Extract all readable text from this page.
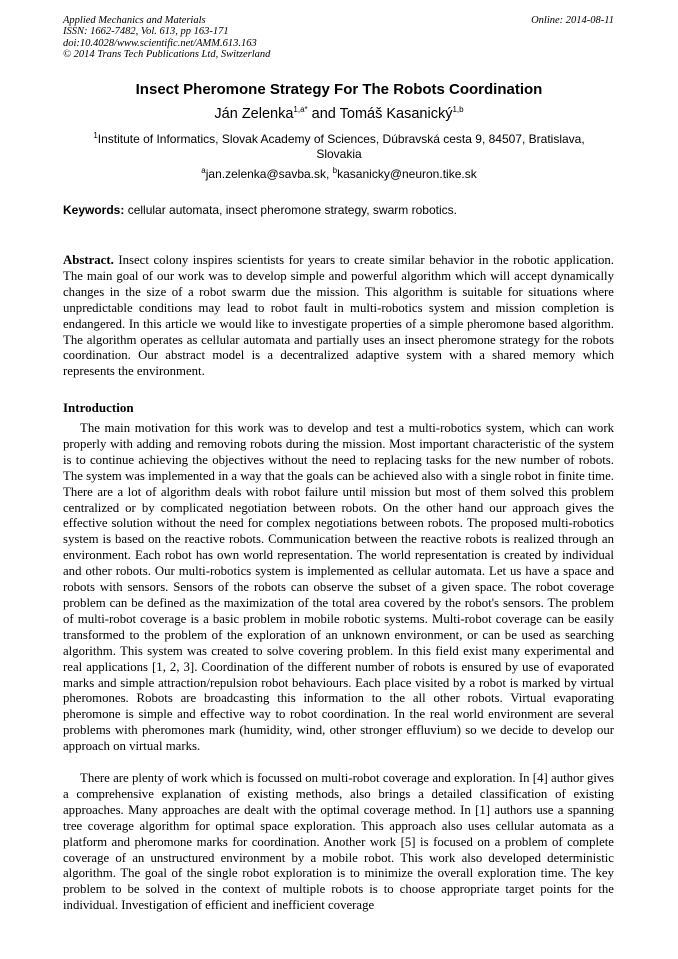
Applied Mechanics and Materials
ISSN: 1662-7482, Vol. 613, pp 163-171
doi:10.4028/www.scientific.net/AMM.613.163
© 2014 Trans Tech Publications Ltd, Switzerland
Online: 2014-08-11
Insect Pheromone Strategy For The Robots Coordination
Ján Zelenka$^{1,a*}$ and Tomáš Kasanický$^{1,b}$
$^1$Institute of Informatics, Slovak Academy of Sciences, Dúbravská cesta 9, 84507, Bratislava, Slovakia
$^a$jan.zelenka@savba.sk, $^b$kasanicky@neuron.tike.sk
Keywords: cellular automata, insect pheromone strategy, swarm robotics.
Abstract. Insect colony inspires scientists for years to create similar behavior in the robotic application. The main goal of our work was to develop simple and powerful algorithm which will accept dynamically changes in the size of a robot swarm due the mission. This algorithm is suitable for situations where unpredictable conditions may lead to robot fault in multi-robotics system and mission completion is endangered. In this article we would like to investigate properties of a simple pheromone based algorithm. The algorithm operates as cellular automata and partially uses an insect pheromone strategy for the robots coordination. Our abstract model is a decentralized adaptive system with a shared memory which represents the environment.
Introduction
The main motivation for this work was to develop and test a multi-robotics system, which can work properly with adding and removing robots during the mission. Most important characteristic of the system is to continue achieving the objectives without the need to replacing tasks for the new number of robots. The system was implemented in a way that the goals can be achieved also with a single robot in finite time. There are a lot of algorithm deals with robot failure until mission but most of them solved this problem centralized or by complicated negotiation between robots. On the other hand our approach gives the effective solution without the need for complex negotiations between robots. The proposed multi-robotics system is based on the reactive robots. Communication between the reactive robots is realized through an environment. Each robot has own world representation. The world representation is created by individual and other robots. Our multi-robotics system is implemented as cellular automata. Let us have a space and robots with sensors. Sensors of the robots can observe the subset of a given space. The robot coverage problem can be defined as the maximization of the total area covered by the robot's sensors. The problem of multi-robot coverage is a basic problem in mobile robotic systems. Multi-robot coverage can be easily transformed to the problem of the exploration of an unknown environment, or can be used as searching algorithm. This system was created to solve covering problem. In this field exist many experimental and real applications [1, 2, 3]. Coordination of the different number of robots is ensured by use of evaporated marks and simple attraction/repulsion robot behaviours. Each place visited by a robot is marked by virtual pheromones. Robots are broadcasting this information to the all other robots. Virtual evaporating pheromone is simple and effective way to robot coordination. In the real world environment are several problems with pheromones mark (humidity, wind, other stronger effluvium) so we decide to develop our approach on virtual marks.
There are plenty of work which is focussed on multi-robot coverage and exploration. In [4] author gives a comprehensive explanation of existing methods, also brings a detailed classification of existing approaches. Many approaches are dealt with the optimal coverage method. In [1] authors use a spanning tree coverage algorithm for optimal space exploration. This approach also uses cellular automata as a platform and pheromone marks for coordination. Another work [5] is focused on a problem of complete coverage of an unstructured environment by a mobile robot. This work also developed deterministic algorithm. The goal of the single robot exploration is to minimize the overall exploration time. The key problem to be solved in the context of multiple robots is to choose appropriate target points for the individual. Investigation of efficient and inefficient coverage
